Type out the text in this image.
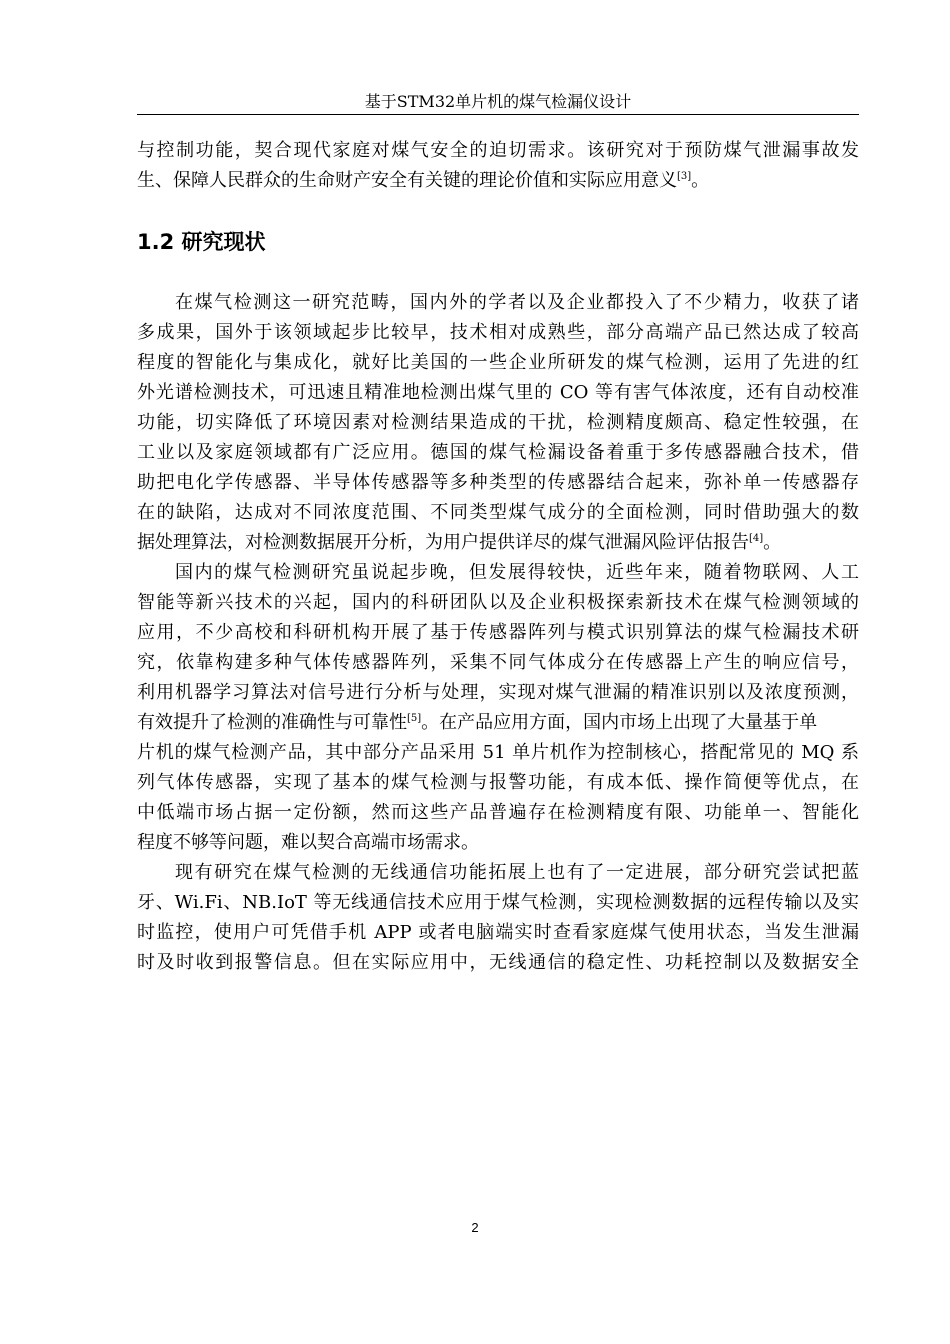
基于STM32单片机的煤气检漏仪设计
与控制功能，契合现代家庭对煤气安全的迫切需求。该研究对于预防煤气泄漏事故发
生、保障人民群众的生命财产安全有关键的理论价值和实际应用意义[3]。
1.2 研究现状
在煤气检测这一研究范畴，国内外的学者以及企业都投入了不少精力，收获了诸
多成果，国外于该领域起步比较早，技术相对成熟些，部分高端产品已然达成了较高
程度的智能化与集成化，就好比美国的一些企业所研发的煤气检测，运用了先进的红
外光谱检测技术，可迅速且精准地检测出煤气里的 CO 等有害气体浓度，还有自动校准
功能，切实降低了环境因素对检测结果造成的干扰，检测精度颇高、稳定性较强，在
工业以及家庭领域都有广泛应用。德国的煤气检漏设备着重于多传感器融合技术，借
助把电化学传感器、半导体传感器等多种类型的传感器结合起来，弥补单一传感器存
在的缺陷，达成对不同浓度范围、不同类型煤气成分的全面检测，同时借助强大的数
据处理算法，对检测数据展开分析，为用户提供详尽的煤气泄漏风险评估报告[4]。
国内的煤气检测研究虽说起步晚，但发展得较快，近些年来，随着物联网、人工
智能等新兴技术的兴起，国内的科研团队以及企业积极探索新技术在煤气检测领域的
应用，不少高校和科研机构开展了基于传感器阵列与模式识别算法的煤气检漏技术研
究，依靠构建多种气体传感器阵列，采集不同气体成分在传感器上产生的响应信号，
利用机器学习算法对信号进行分析与处理，实现对煤气泄漏的精准识别以及浓度预测，
有效提升了检测的准确性与可靠性[5]。在产品应用方面，国内市场上出现了大量基于单
片机的煤气检测产品，其中部分产品采用 51 单片机作为控制核心，搭配常见的 MQ 系
列气体传感器，实现了基本的煤气检测与报警功能，有成本低、操作简便等优点，在
中低端市场占据一定份额，然而这些产品普遍存在检测精度有限、功能单一、智能化
程度不够等问题，难以契合高端市场需求。
现有研究在煤气检测的无线通信功能拓展上也有了一定进展，部分研究尝试把蓝
牙、Wi.Fi、NB.IoT 等无线通信技术应用于煤气检测，实现检测数据的远程传输以及实
时监控，使用户可凭借手机 APP 或者电脑端实时查看家庭煤气使用状态，当发生泄漏
时及时收到报警信息。但在实际应用中，无线通信的稳定性、功耗控制以及数据安全
2
